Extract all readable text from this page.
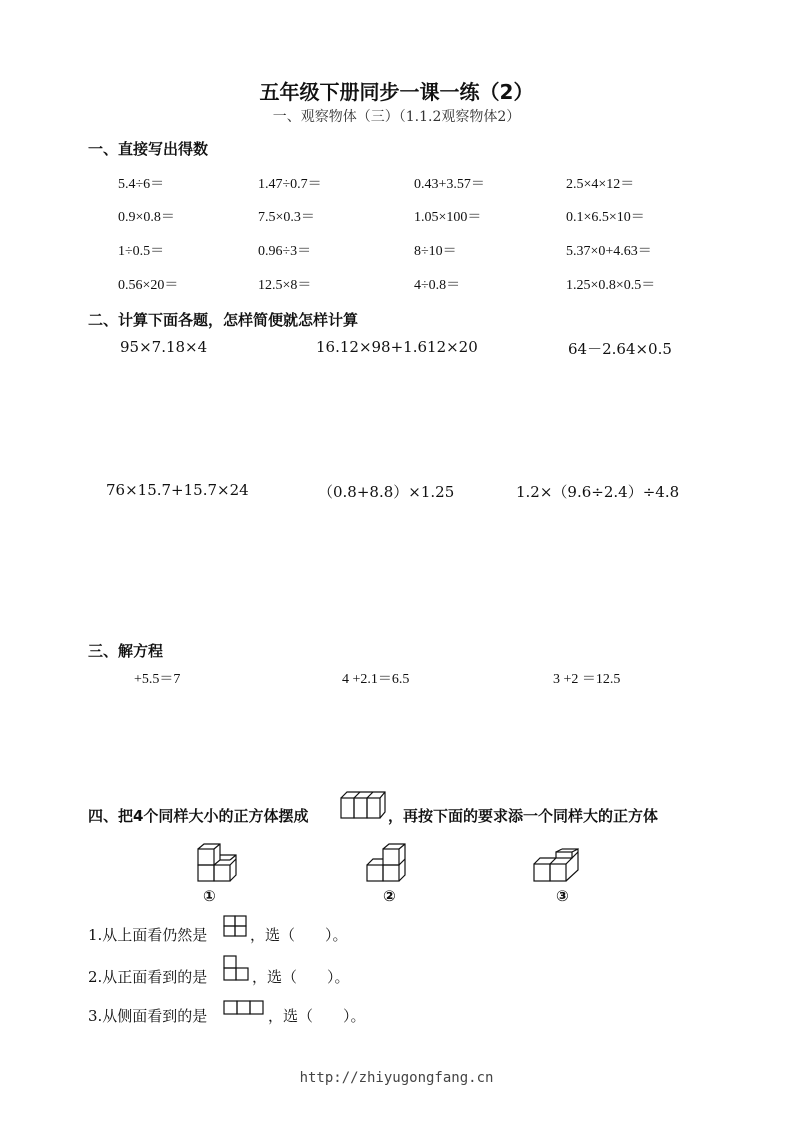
五年级下册同步一课一练（2）
一、观察物体（三）（1.1.2观察物体2）
一、直接写出得数
5.4÷6＝	1.47÷0.7＝	0.43+3.57＝	2.5×4×12＝
0.9×0.8＝	7.5×0.3＝	1.05×100＝	0.1×6.5×10＝
1÷0.5＝	0.96÷3＝	8÷10＝	5.37×0+4.63＝
0.56×20＝	12.5×8＝	4÷0.8＝	1.25×0.8×0.5＝
二、计算下面各题，怎样简便就怎样计算
95×7.18×4	16.12×98+1.612×20	64－2.64×0.5
76×15.7+15.7×24	（0.8+8.8）×1.25	1.2×（9.6÷2.4）÷4.8
三、解方程
+5.5＝7	4 +2.1＝6.5	3 +2 ＝12.5
四、把4个同样大小的正方体摆成	，再按下面的要求添一个同样大的正方体
①	②	③
1.从上面看仍然是	，选（　　）。
2.从正面看到的是	，选（　　）。
3.从侧面看到的是	，选（　　）。
http://zhiyugongfang.cn
